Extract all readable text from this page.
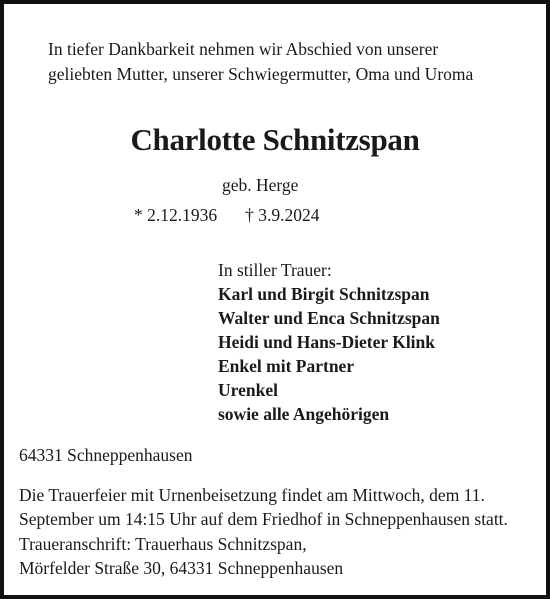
In tiefer Dankbarkeit nehmen wir Abschied von unserer
geliebten Mutter, unserer Schwiegermutter, Oma und Uroma
Charlotte Schnitzspan
geb. Herge
* 2.12.1936 † 3.9.2024
In stiller Trauer:
Karl und Birgit Schnitzspan
Walter und Enca Schnitzspan
Heidi und Hans-Dieter Klink
Enkel mit Partner
Urenkel
sowie alle Angehörigen
64331 Schneppenhausen
Die Trauerfeier mit Urnenbeisetzung findet am Mittwoch, dem 11.
September um 14:15 Uhr auf dem Friedhof in Schneppenhausen statt.
Traueranschrift: Trauerhaus Schnitzspan,
Mörfelder Straße 30, 64331 Schneppenhausen
